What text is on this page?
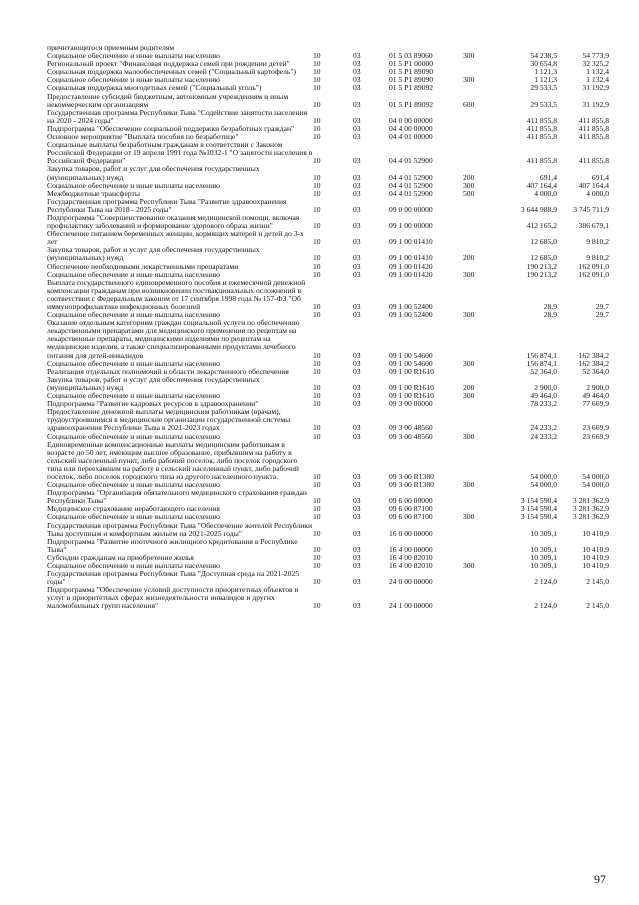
причитающегося приемным родителям						
Социальное обеспечение и иные выплаты населению	10	03	01 5 03 89060	300	54 238,5	54 773,9
Региональный проект "Финансовая поддержка семей при рождении детей"	10	03	01 5 P1 00000		30 654,8	32 325,2
Социальная поддержка малообеспеченных семей ("Социальный картофель")	10	03	01 5 P1 89090		1 121,3	1 132,4
Социальное обеспечение и иные выплаты населению	10	03	01 5 P1 89090	300	1 121,3	1 132,4
Социальная поддержка многодетных семей ("Социальный уголь")	10	03	01 5 P1 89092		29 533,5	31 192,9
Предоставление субсидий бюджетным, автономным учреждениям и иным некоммерческим организациям	10	03	01 5 P1 89092	600	29 533,5	31 192,9
Государственная программа Республики Тыва "Содействие занятости населения на 2020 - 2024 годы"	10	03	04 0 00 00000		411 855,8	411 855,8
Подпрограмма "Обеспечение социальной поддержки безработных граждан"	10	03	04 4 00 00000		411 855,8	411 855,8
Основное мероприятие "Выплата пособия по безработице"	10	03	04 4 01 00000		411 855,8	411 855,8
Социальные выплаты безработным гражданам в соответствии с Законом Российской Федерации от 19 апреля 1991 года №1032-1 "О занятости населения в Российской Федерации"	10	03	04 4 01 52900		411 855,8	411 855,8
Закупка товаров, работ и услуг для обеспечения государственных (муниципальных) нужд	10	03	04 4 01 52900	200	691,4	691,4
Социальное обеспечение и иные выплаты населению	10	03	04 4 01 52900	300	407 164,4	407 164,4
Межбюджетные трансферты	10	03	04 4 01 52900	500	4 000,0	4 000,0
Государственная программа Республики Тыва "Развитие здравоохранения Республики Тыва на 2018 - 2025 годы"	10	03	09 0 00 00000		3 644 988,9	3 745 711,9
Подпрограмма "Совершенствование оказания медицинской помощи, включая профилактику заболеваний и формирование здорового образа жизни"	10	03	09 1 00 00000		412 165,2	386 679,1
Обеспечение питанием беременных женщин, кормящих матерей и детей до 3-х лет	10	03	09 1 00 01410		12 685,0	9 810,2
Закупка товаров, работ и услуг для обеспечения государственных (муниципальных) нужд	10	03	09 1 00 01410	200	12 685,0	9 810,2
Обеспечение необходимыми лекарственными препаратами	10	03	09 1 00 01420		190 213,2	162 091,0
Социальное обеспечение и иные выплаты населению	10	03	09 1 00 01420	300	190 213,2	162 091,0
Выплата государственного единовременного пособия и ежемесячной денежной компенсации гражданам при возникновении поствакцинальных осложнений в соответствии с Федеральным законом от 17 сентября 1998 года № 157-ФЗ "Об иммунопрофилактике инфекционных болезней	10	03	09 1 00 52400		28,9	29,7
Социальное обеспечение и иные выплаты населению	10	03	09 1 00 52400	300	28,9	29,7
Оказание отдельным категориям граждан социальной услуги по обеспечению лекарственными препаратами для медицинского применения по рецептам на лекарственные препараты, медицинскими изделиями по рецептам на медицинские изделия, а также специализированными продуктами лечебного питания для детей-инвалидов	10	03	09 1 00 54600		156 874,1	162 384,2
Социальное обеспечение и иные выплаты населению	10	03	09 1 00 54600	300	156 874,1	162 384,2
Реализация отдельных полномочий в области лекарственного обеспечения	10	03	09 1 00 R1610		52 364,0	52 364,0
Закупка товаров, работ и услуг для обеспечения государственных (муниципальных) нужд	10	03	09 1 00 R1610	200	2 900,0	2 900,0
Социальное обеспечение и иные выплаты населению	10	03	09 1 00 R1610	300	49 464,0	49 464,0
Подпрограмма "Развитие кадровых ресурсов в здравоохранении"	10	03	09 3 00 00000		78 233,2	77 669,9
Предоставление денежной выплаты медицинским работникам (врачам), трудоустроившимся в медицинские организации государственной системы здравоохранения Республики Тыва в 2021-2023 годах	10	03	09 3 00 48560		24 233,2	23 669,9
Социальное обеспечение и иные выплаты населению	10	03	09 3 00 48560	300	24 233,2	23 669,9
Единовременные компенсационные выплаты медицинским работникам в возрасте до 50 лет, имеющим высшее образование, прибывшим на работу в сельский населенный пункт, либо рабочий поселок, либо поселок городского типа или переехавшим на работу в сельский населенный пункт, либо рабочий поселок, либо поселок городского типа из другого населенного пункта.	10	03	09 3 00 R1380		54 000,0	54 000,0
Социальное обеспечение и иные выплаты населению	10	03	09 3 00 R1380	300	54 000,0	54 000,0
Подпрограмма "Организация обязательного медицинского страхования граждан Республики Тыва"	10	03	09 6 00 00000		3 154 590,4	3 281 362,9
Медицинское страхование неработающего населения	10	03	09 6 00 87100		3 154 590,4	3 281 362,9
Социальное обеспечение и иные выплаты населению	10	03	09 6 00 87100	300	3 154 590,4	3 281 362,9
Государственная программа Республики Тыва "Обеспечение жителей Республики Тыва доступным и комфортным жильем на 2021-2025 годы"	10	03	16 0 00 00000		10 309,1	10 410,9
Подпрограмма "Развитие ипотечного жилищного кредитования в Республике Тыва"	10	03	16 4 00 00000		10 309,1	10 410,9
Субсидии гражданам на приобретение жилья	10	03	16 4 00 82010		10 309,1	10 410,9
Социальное обеспечение и иные выплаты населению	10	03	16 4 00 82010	300	10 309,1	10 410,9
Государственная программа Республики Тыва "Доступная среда на 2021-2025 годы"	10	03	24 0 00 00000		2 124,0	2 145,0
Подпрограмма "Обеспечение условий доступности приоритетных объектов и услуг в приоритетных сферах жизнедеятельности инвалидов и других маломобильных групп населения"	10	03	24 1 00 00000		2 124,0	2 145,0
97
